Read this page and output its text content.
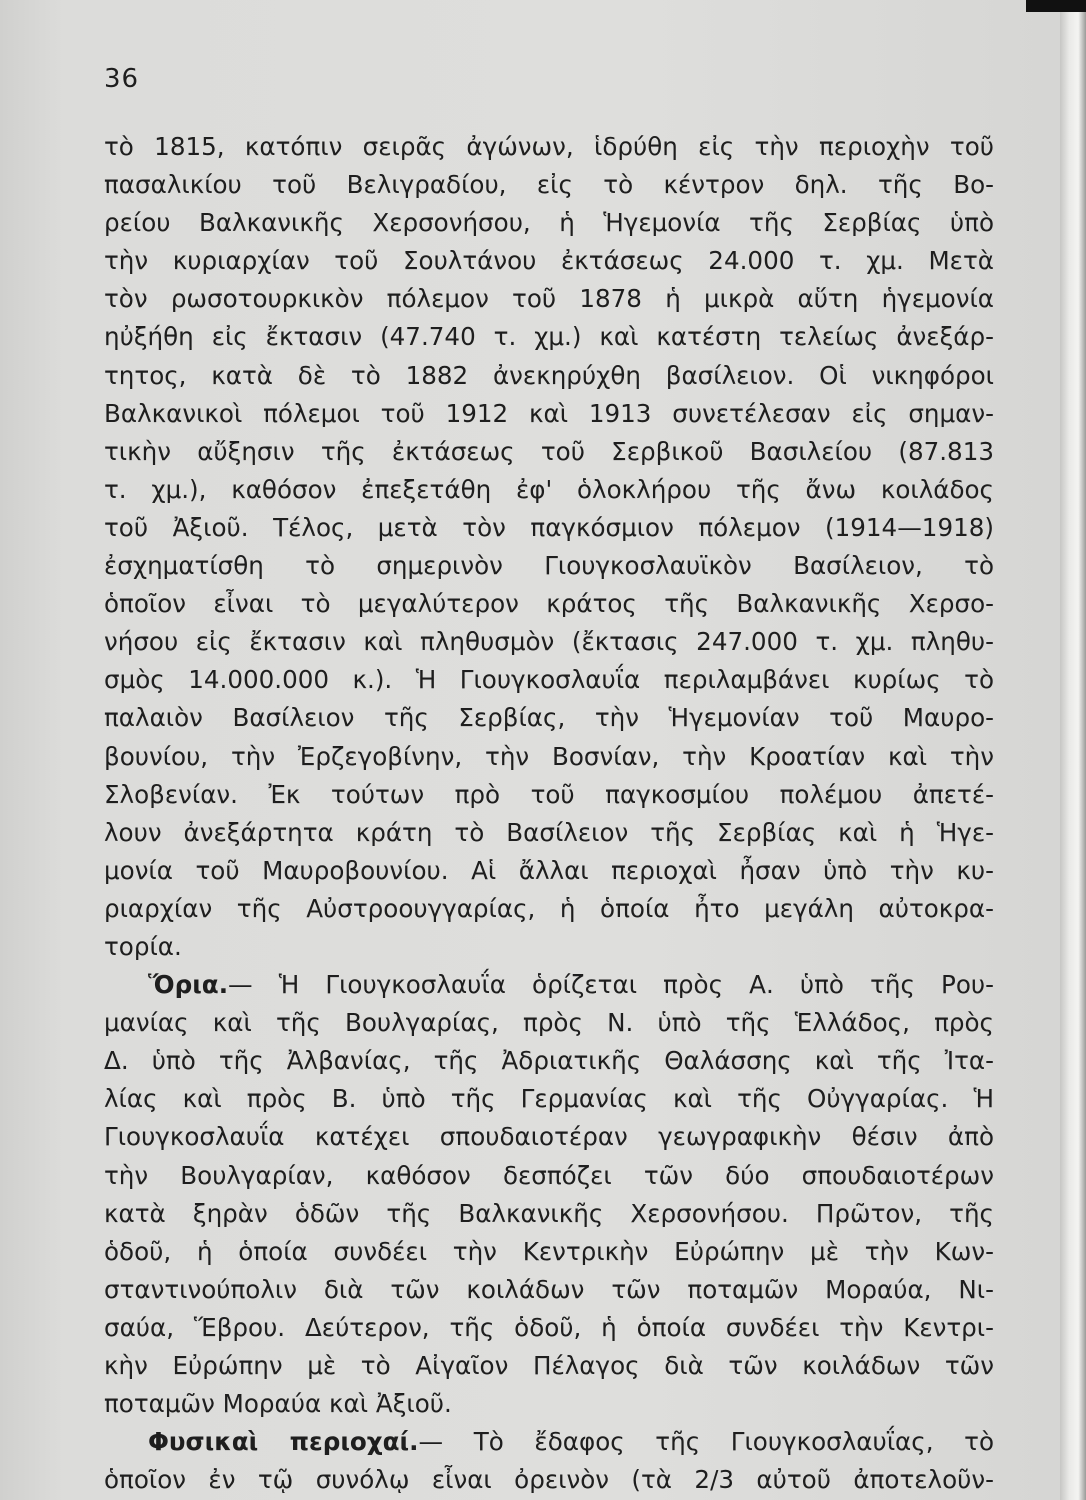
36
τὸ 1815, κατόπιν σειρᾶς ἀγώνων, ἱδρύθη εἰς τὴν περιοχὴν τοῦ
πασαλικίου τοῦ Βελιγραδίου, εἰς τὸ κέντρον δηλ. τῆς Βο-
ρείου Βαλκανικῆς Χερσονήσου, ἡ Ἡγεμονία τῆς Σερβίας ὑπὸ
τὴν κυριαρχίαν τοῦ Σουλτάνου ἐκτάσεως 24.000 τ. χμ. Μετὰ
τὸν ρωσοτουρκικὸν πόλεμον τοῦ 1878 ἡ μικρὰ αὕτη ἡγεμονία
ηὐξήθη εἰς ἔκτασιν (47.740 τ. χμ.) καὶ κατέστη τελείως ἀνεξάρ-
τητος, κατὰ δὲ τὸ 1882 ἀνεκηρύχθη βασίλειον. Οἱ νικηφόροι
Βαλκανικοὶ πόλεμοι τοῦ 1912 καὶ 1913 συνετέλεσαν εἰς σημαν-
τικὴν αὔξησιν τῆς ἐκτάσεως τοῦ Σερβικοῦ Βασιλείου (87.813
τ. χμ.), καθόσον ἐπεξετάθη ἐφ' ὁλοκλήρου τῆς ἄνω κοιλάδος
τοῦ Ἀξιοῦ. Τέλος, μετὰ τὸν παγκόσμιον πόλεμον (1914—1918)
ἐσχηματίσθη τὸ σημερινὸν Γιουγκοσλαυϊκὸν Βασίλειον, τὸ
ὁποῖον εἶναι τὸ μεγαλύτερον κράτος τῆς Βαλκανικῆς Χερσο-
νήσου εἰς ἔκτασιν καὶ πληθυσμὸν (ἔκτασις 247.000 τ. χμ. πληθυ-
σμὸς 14.000.000 κ.). Ἡ Γιουγκοσλαυΐα περιλαμβάνει κυρίως τὸ
παλαιὸν Βασίλειον τῆς Σερβίας, τὴν Ἡγεμονίαν τοῦ Μαυρο-
βουνίου, τὴν Ἐρζεγοβίνην, τὴν Βοσνίαν, τὴν Κροατίαν καὶ τὴν
Σλοβενίαν. Ἐκ τούτων πρὸ τοῦ παγκοσμίου πολέμου ἀπετέ-
λουν ἀνεξάρτητα κράτη τὸ Βασίλειον τῆς Σερβίας καὶ ἡ Ἡγε-
μονία τοῦ Μαυροβουνίου. Αἱ ἄλλαι περιοχαὶ ἦσαν ὑπὸ τὴν κυ-
ριαρχίαν τῆς Αὐστροουγγαρίας, ἡ ὁποία ἦτο μεγάλη αὐτοκρα-
τορία.
Ὅρια.— Ἡ Γιουγκοσλαυΐα ὁρίζεται πρὸς Α. ὑπὸ τῆς Ρου-
μανίας καὶ τῆς Βουλγαρίας, πρὸς Ν. ὑπὸ τῆς Ἑλλάδος, πρὸς
Δ. ὑπὸ τῆς Ἀλβανίας, τῆς Ἀδριατικῆς Θαλάσσης καὶ τῆς Ἰτα-
λίας καὶ πρὸς Β. ὑπὸ τῆς Γερμανίας καὶ τῆς Οὐγγαρίας. Ἡ
Γιουγκοσλαυΐα κατέχει σπουδαιοτέραν γεωγραφικὴν θέσιν ἀπὸ
τὴν Βουλγαρίαν, καθόσον δεσπόζει τῶν δύο σπουδαιοτέρων
κατὰ ξηρὰν ὁδῶν τῆς Βαλκανικῆς Χερσονήσου. Πρῶτον, τῆς
ὁδοῦ, ἡ ὁποία συνδέει τὴν Κεντρικὴν Εὐρώπην μὲ τὴν Κων-
σταντινούπολιν διὰ τῶν κοιλάδων τῶν ποταμῶν Μοραύα, Νι-
σαύα, Ἕβρου. Δεύτερον, τῆς ὁδοῦ, ἡ ὁποία συνδέει τὴν Κεντρι-
κὴν Εὐρώπην μὲ τὸ Αἰγαῖον Πέλαγος διὰ τῶν κοιλάδων τῶν
ποταμῶν Μοραύα καὶ Ἀξιοῦ.
Φυσικαὶ περιοχαί.— Τὸ ἔδαφος τῆς Γιουγκοσλαυΐας, τὸ
ὁποῖον ἐν τῷ συνόλῳ εἶναι ὀρεινὸν (τὰ 2/3 αὐτοῦ ἀποτελοῦν-
